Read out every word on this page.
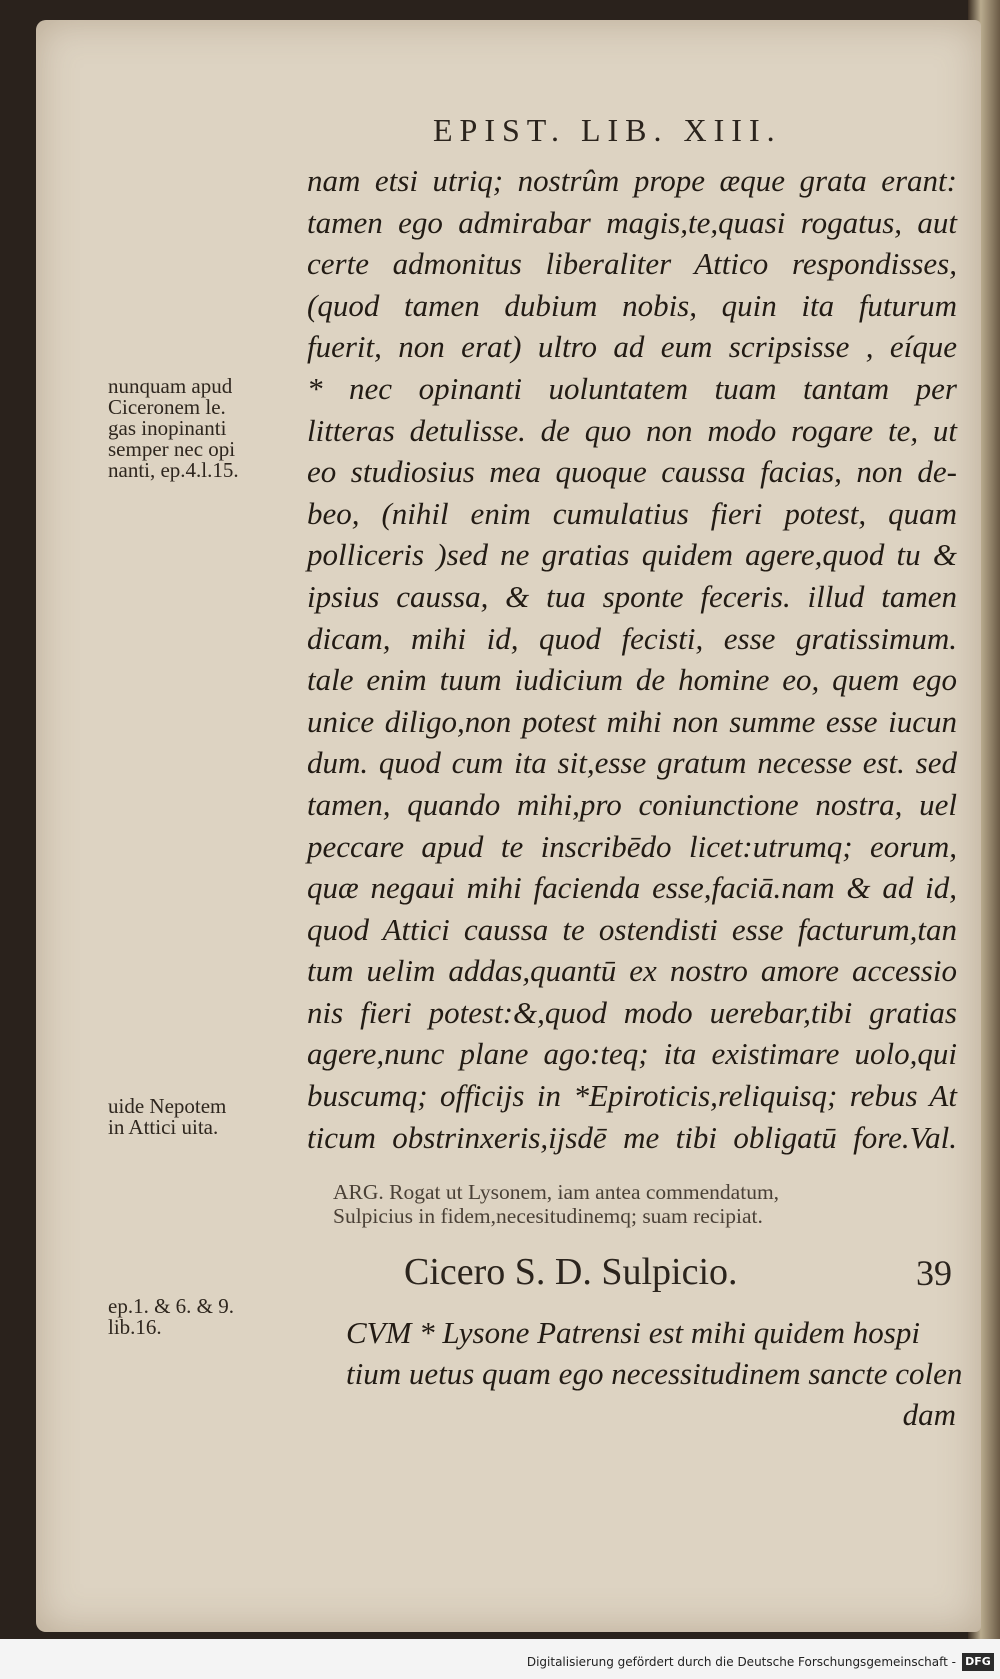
EPIST. LIB. XIII.
nam etsi utriq; nostrûm prope æque grata erant:
tamen ego admirabar magis,te,quasi rogatus, aut
certe admonitus liberaliter Attico respondisses,
(quod tamen dubium nobis, quin ita futurum
fuerit, non erat) ultro ad eum scripsisse , eíque
* nec opinanti uoluntatem tuam tantam per
litteras detulisse. de quo non modo rogare te, ut
eo studiosius mea quoque caussa facias, non de-
beo, (nihil enim cumulatius fieri potest, quam
polliceris )sed ne gratias quidem agere,quod tu &
ipsius caussa, & tua sponte feceris. illud tamen
dicam, mihi id, quod fecisti, esse gratissimum.
tale enim tuum iudicium de homine eo, quem ego
unice diligo,non potest mihi non summe esse iucun
dum. quod cum ita sit,esse gratum necesse est. sed
tamen, quando mihi,pro coniunctione nostra, uel
peccare apud te inscribēdo licet:utrumq; eorum,
quæ negaui mihi facienda esse,faciā.nam & ad id,
quod Attici caussa te ostendisti esse facturum,tan
tum uelim addas,quantū ex nostro amore accessio
nis fieri potest:&,quod modo uerebar,tibi gratias
agere,nunc plane ago:teq; ita existimare uolo,qui
buscumq; officijs in *Epiroticis,reliquisq; rebus At
ticum obstrinxeris,ijsdē me tibi obligatū fore.Val.
nunquam apud
Ciceronem le.
gas inopinanti
semper nec opi
nanti, ep.4.l.15.
uide Nepotem
in Attici uita.
ARG. Rogat ut Lysonem, iam antea commendatum,
Sulpicius in fidem,necesitudinemq; suam recipiat.
Cicero S. D. Sulpicio.	39
ep.1. & 6. & 9.
lib.16.	CVM * Lysone Patrensi est mihi quidem hospi
tium uetus quam ego necessitudinem sancte colen
dam
Digitalisierung gefördert durch die Deutsche Forschungsgemeinschaft - DFG
